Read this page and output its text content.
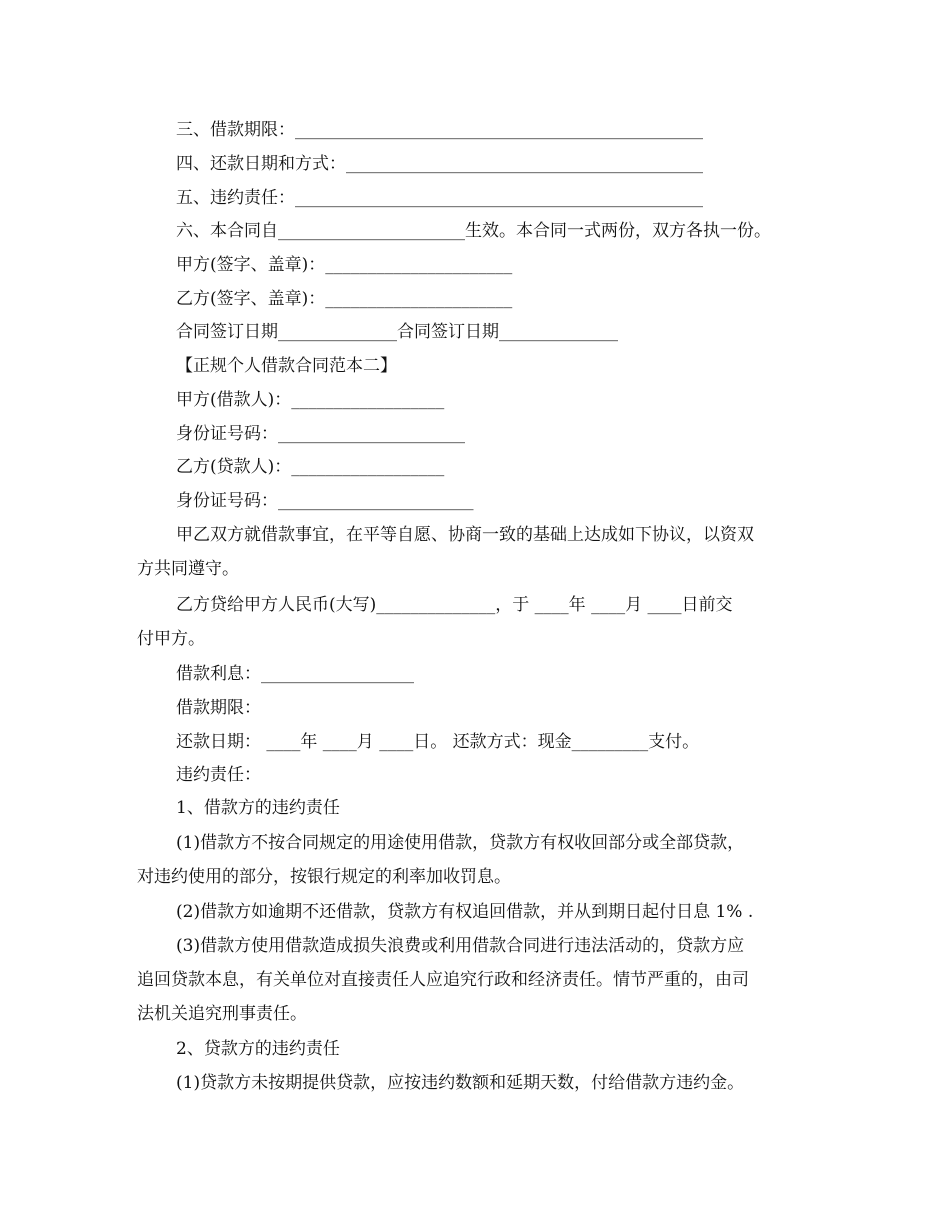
三、借款期限：________________________________________________
四、还款日期和方式：__________________________________________
五、违约责任：________________________________________________
六、本合同自______________________生效。本合同一式两份，双方各执一份。
甲方(签字、盖章)：______________________
乙方(签字、盖章)：______________________
合同签订日期______________合同签订日期______________
【正规个人借款合同范本二】
甲方(借款人)：__________________
身份证号码：______________________
乙方(贷款人)：__________________
身份证号码：_______________________
甲乙双方就借款事宜，在平等自愿、协商一致的基础上达成如下协议，以资双
方共同遵守。
乙方贷给甲方人民币(大写)______________，于 ____年 ____月 ____日前交
付甲方。
借款利息：__________________
借款期限：
还款日期： ____年 ____月 ____日。 还款方式：现金_________支付。
违约责任：
1、借款方的违约责任
(1)借款方不按合同规定的用途使用借款，贷款方有权收回部分或全部贷款，
对违约使用的部分，按银行规定的利率加收罚息。
(2)借款方如逾期不还借款，贷款方有权追回借款，并从到期日起付日息 1% .
(3)借款方使用借款造成损失浪费或利用借款合同进行违法活动的，贷款方应
追回贷款本息，有关单位对直接责任人应追究行政和经济责任。情节严重的，由司
法机关追究刑事责任。
2、贷款方的违约责任
(1)贷款方未按期提供贷款，应按违约数额和延期天数，付给借款方违约金。
